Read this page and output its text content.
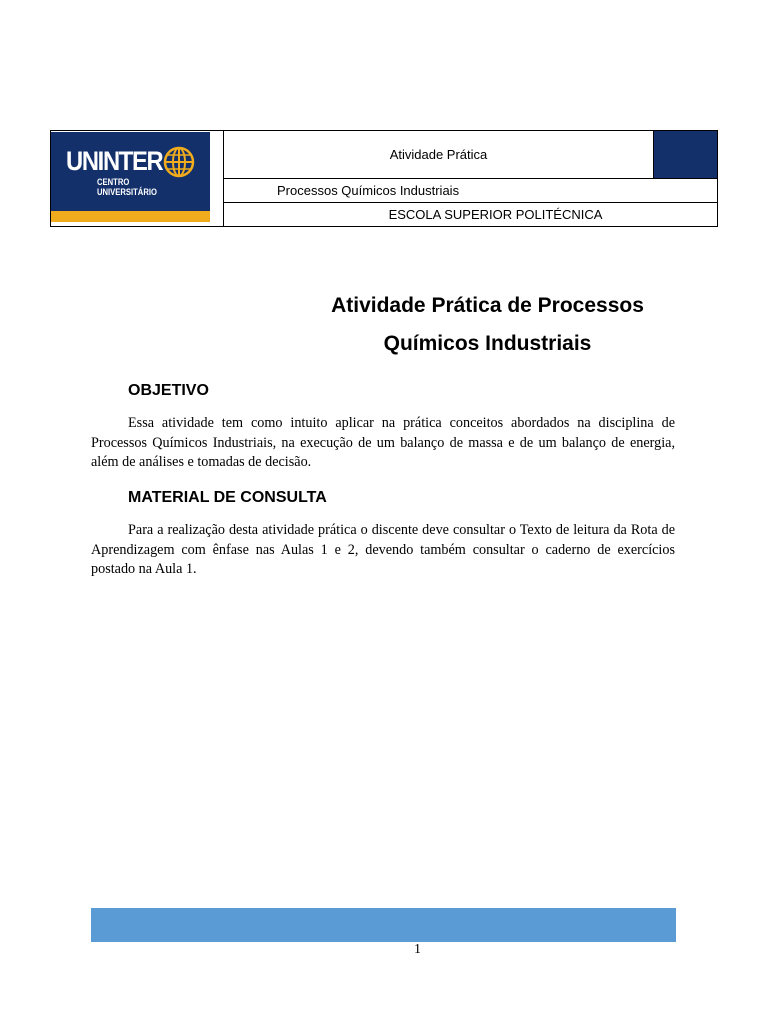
UNINTER
CENTRO
UNIVERSITÁRIO
Atividade Prática
Processos Químicos Industriais
ESCOLA SUPERIOR POLITÉCNICA
Atividade Prática de Processos
Químicos Industriais
OBJETIVO

Essa atividade tem como intuito aplicar na prática conceitos abordados na disciplina de Processos Químicos Industriais, na execução de um balanço de massa e de um balanço de energia, além de análises e tomadas de decisão.

MATERIAL DE CONSULTA

Para a realização desta atividade prática o discente deve consultar o Texto de leitura da Rota de Aprendizagem com ênfase nas Aulas 1 e 2, devendo também consultar o caderno de exercícios postado na Aula 1.

1
